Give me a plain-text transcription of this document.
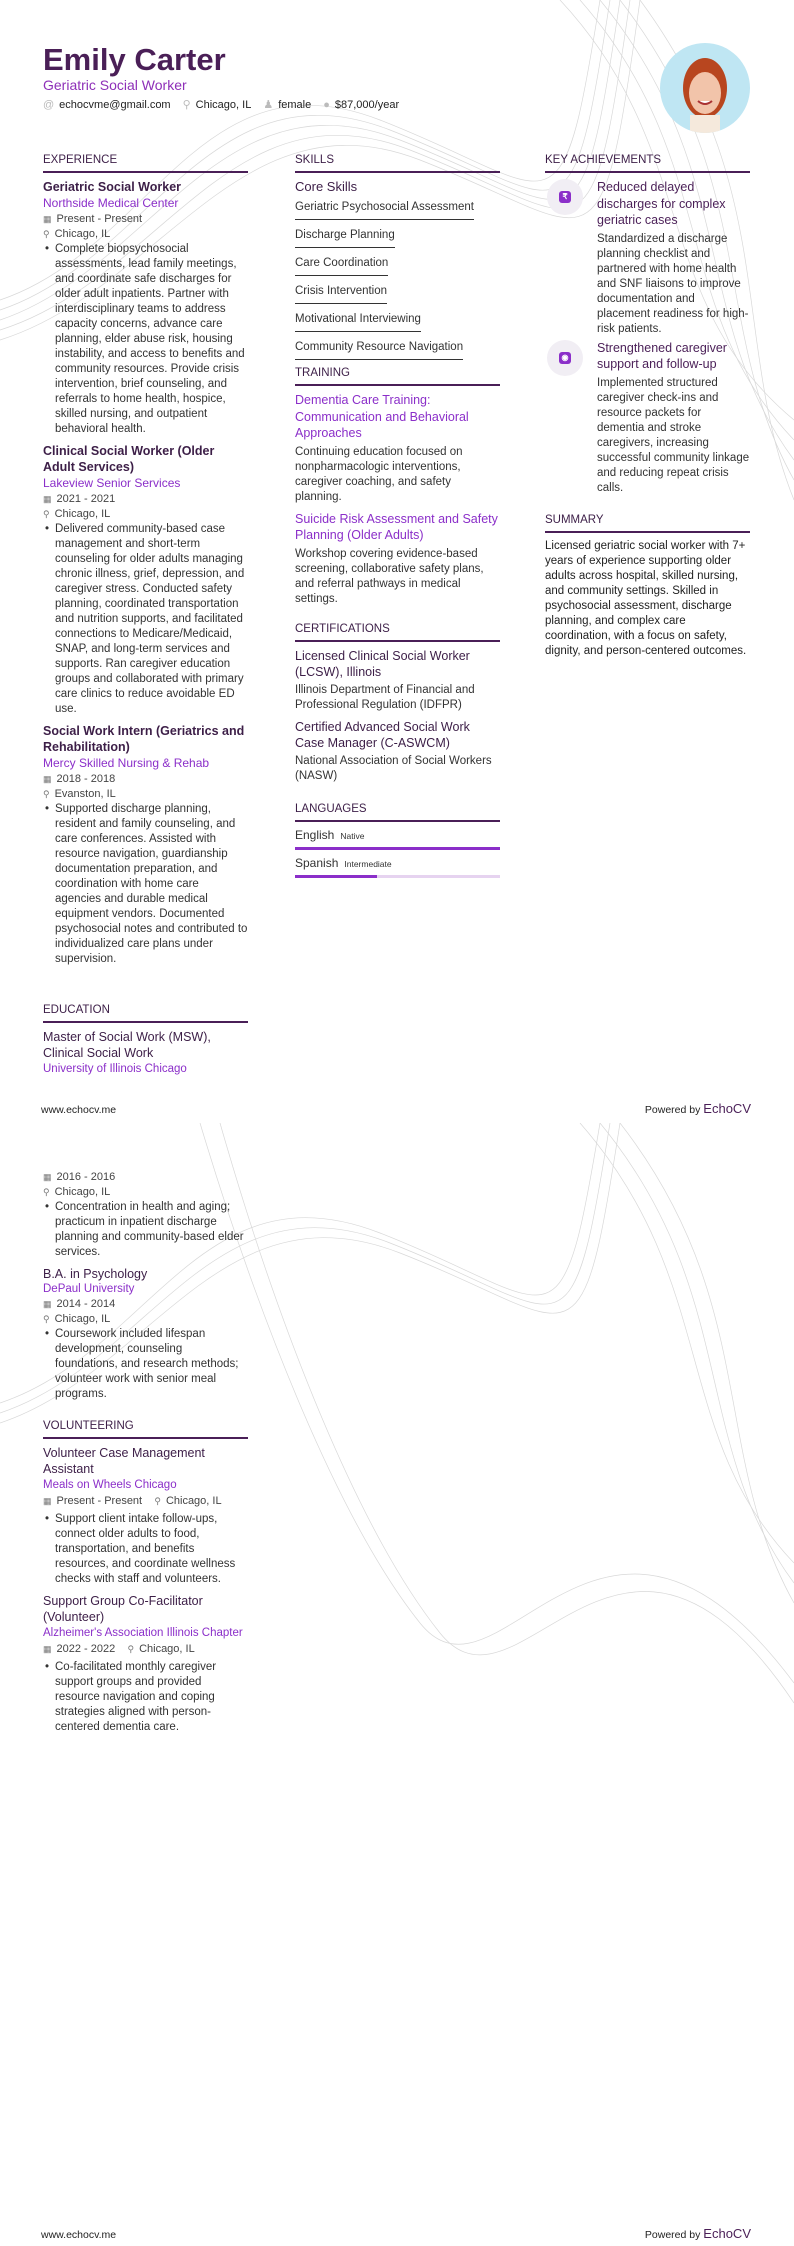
Emily Carter
Geriatric Social Worker
@ echocvme@gmail.com ⚲ Chicago, IL ♟ female ● $87,000/year
EXPERIENCE
Geriatric Social Worker
Northside Medical Center
▦ Present - Present
⚲ Chicago, IL
• Complete biopsychosocial assessments, lead family meetings, and coordinate safe discharges for older adult inpatients. Partner with interdisciplinary teams to address capacity concerns, advance care planning, elder abuse risk, housing instability, and access to benefits and community resources. Provide crisis intervention, brief counseling, and referrals to home health, hospice, skilled nursing, and outpatient behavioral health.
Clinical Social Worker (Older Adult Services)
Lakeview Senior Services
▦ 2021 - 2021
⚲ Chicago, IL
• Delivered community-based case management and short-term counseling for older adults managing chronic illness, grief, depression, and caregiver stress. Conducted safety planning, coordinated transportation and nutrition supports, and facilitated connections to Medicare/Medicaid, SNAP, and long-term services and supports. Ran caregiver education groups and collaborated with primary care clinics to reduce avoidable ED use.
Social Work Intern (Geriatrics and Rehabilitation)
Mercy Skilled Nursing & Rehab
▦ 2018 - 2018
⚲ Evanston, IL
• Supported discharge planning, resident and family counseling, and care conferences. Assisted with resource navigation, guardianship documentation preparation, and coordination with home care agencies and durable medical equipment vendors. Documented psychosocial notes and contributed to individualized care plans under supervision.
EDUCATION
Master of Social Work (MSW), Clinical Social Work
University of Illinois Chicago
SKILLS
Core Skills
Geriatric Psychosocial Assessment
Discharge Planning
Care Coordination
Crisis Intervention
Motivational Interviewing
Community Resource Navigation
TRAINING
Dementia Care Training: Communication and Behavioral Approaches
Continuing education focused on nonpharmacologic interventions, caregiver coaching, and safety planning.
Suicide Risk Assessment and Safety Planning (Older Adults)
Workshop covering evidence-based screening, collaborative safety plans, and referral pathways in medical settings.
CERTIFICATIONS
Licensed Clinical Social Worker (LCSW), Illinois
Illinois Department of Financial and Professional Regulation (IDFPR)
Certified Advanced Social Work Case Manager (C-ASWCM)
National Association of Social Workers (NASW)
LANGUAGES
English Native
Spanish Intermediate
KEY ACHIEVEMENTS
₹
Reduced delayed discharges for complex geriatric cases
Standardized a discharge planning checklist and partnered with home health and SNF liaisons to improve documentation and placement readiness for high-risk patients.
◉
Strengthened caregiver support and follow-up
Implemented structured caregiver check-ins and resource packets for dementia and stroke caregivers, increasing successful community linkage and reducing repeat crisis calls.
SUMMARY
Licensed geriatric social worker with 7+ years of experience supporting older adults across hospital, skilled nursing, and community settings. Skilled in psychosocial assessment, discharge planning, and complex care coordination, with a focus on safety, dignity, and person-centered outcomes.
www.echocv.me	Powered by EchoCV
▦ 2016 - 2016
⚲ Chicago, IL
• Concentration in health and aging; practicum in inpatient discharge planning and community-based elder services.
B.A. in Psychology
DePaul University
▦ 2014 - 2014
⚲ Chicago, IL
• Coursework included lifespan development, counseling foundations, and research methods; volunteer work with senior meal programs.
VOLUNTEERING
Volunteer Case Management Assistant
Meals on Wheels Chicago
▦ Present - Present ⚲ Chicago, IL
• Support client intake follow-ups, connect older adults to food, transportation, and benefits resources, and coordinate wellness checks with staff and volunteers.
Support Group Co-Facilitator (Volunteer)
Alzheimer's Association Illinois Chapter
▦ 2022 - 2022 ⚲ Chicago, IL
• Co-facilitated monthly caregiver support groups and provided resource navigation and coping strategies aligned with person-centered dementia care.
www.echocv.me	Powered by EchoCV
